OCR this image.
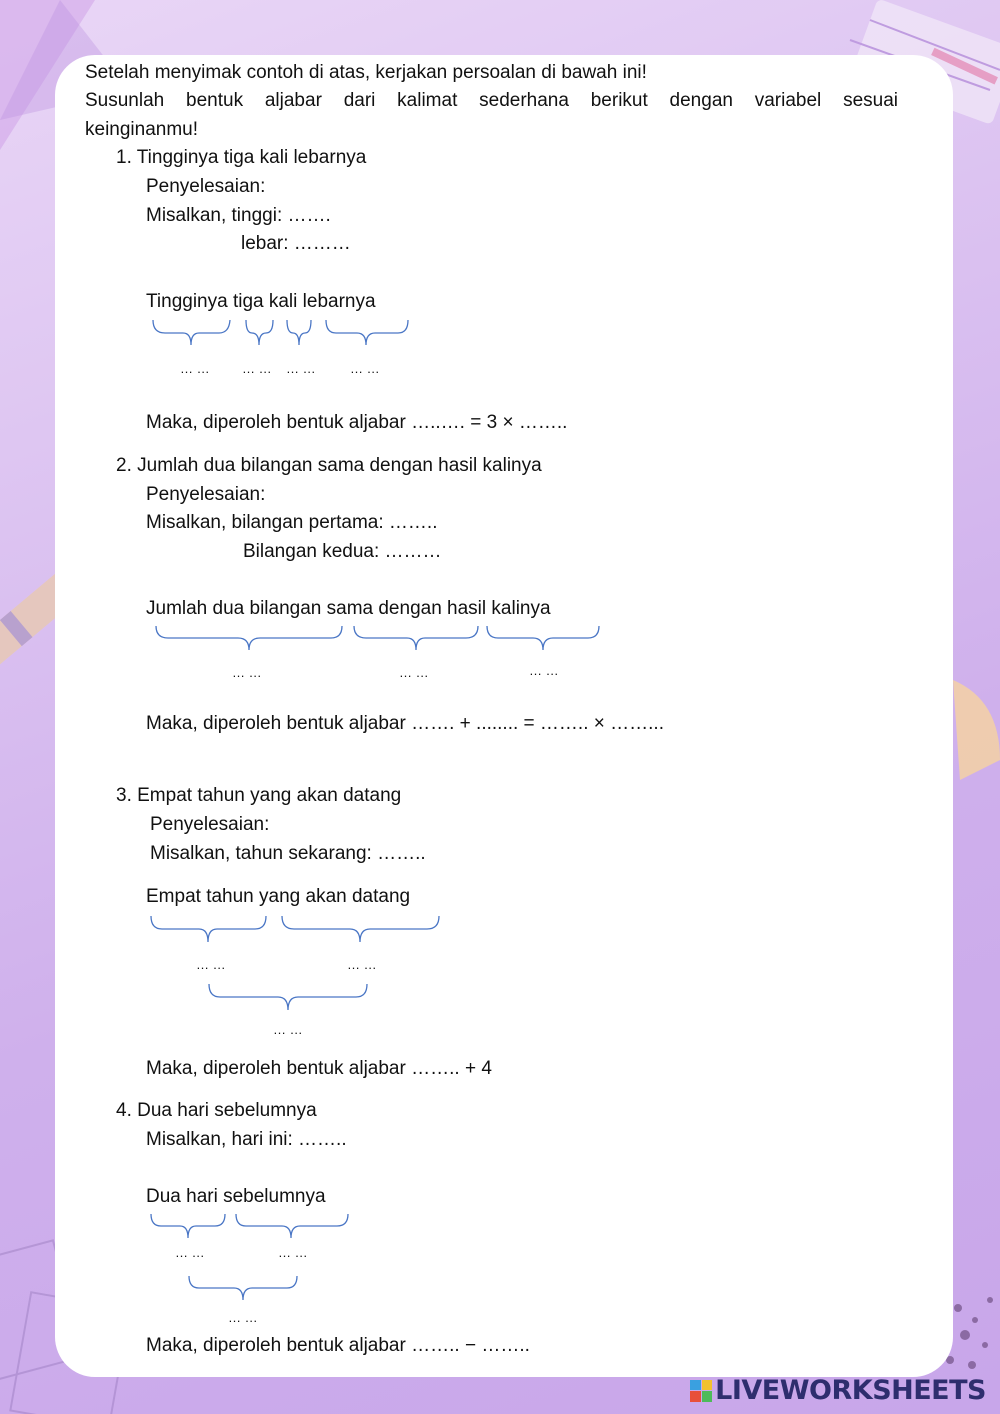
Setelah menyimak contoh di atas, kerjakan persoalan di bawah ini!
Susunlah bentuk aljabar dari kalimat sederhana berikut dengan variabel sesuai
keinginanmu!
1. Tingginya tiga kali lebarnya
Penyelesaian:
Misalkan, tinggi: …….
lebar: ………
Tingginya tiga kali lebarnya
… … … … … …	… …
Maka, diperoleh bentuk aljabar …..…. = 3 × ……..
2. Jumlah dua bilangan sama dengan hasil kalinya
Penyelesaian:
Misalkan, bilangan pertama: ……..
Bilangan kedua: ………
Jumlah dua bilangan sama dengan hasil kalinya
… …	… …	… …
Maka, diperoleh bentuk aljabar ……. + ........ = …….. × ……...
3. Empat tahun yang akan datang
Penyelesaian:
Misalkan, tahun sekarang: ……..
Empat tahun yang akan datang
… …	… …
… …
Maka, diperoleh bentuk aljabar …….. + 4
4. Dua hari sebelumnya
Misalkan, hari ini: ……..
Dua hari sebelumnya
… …	… …
… …
Maka, diperoleh bentuk aljabar …….. − ……..
LIVEWORKSHEETS
